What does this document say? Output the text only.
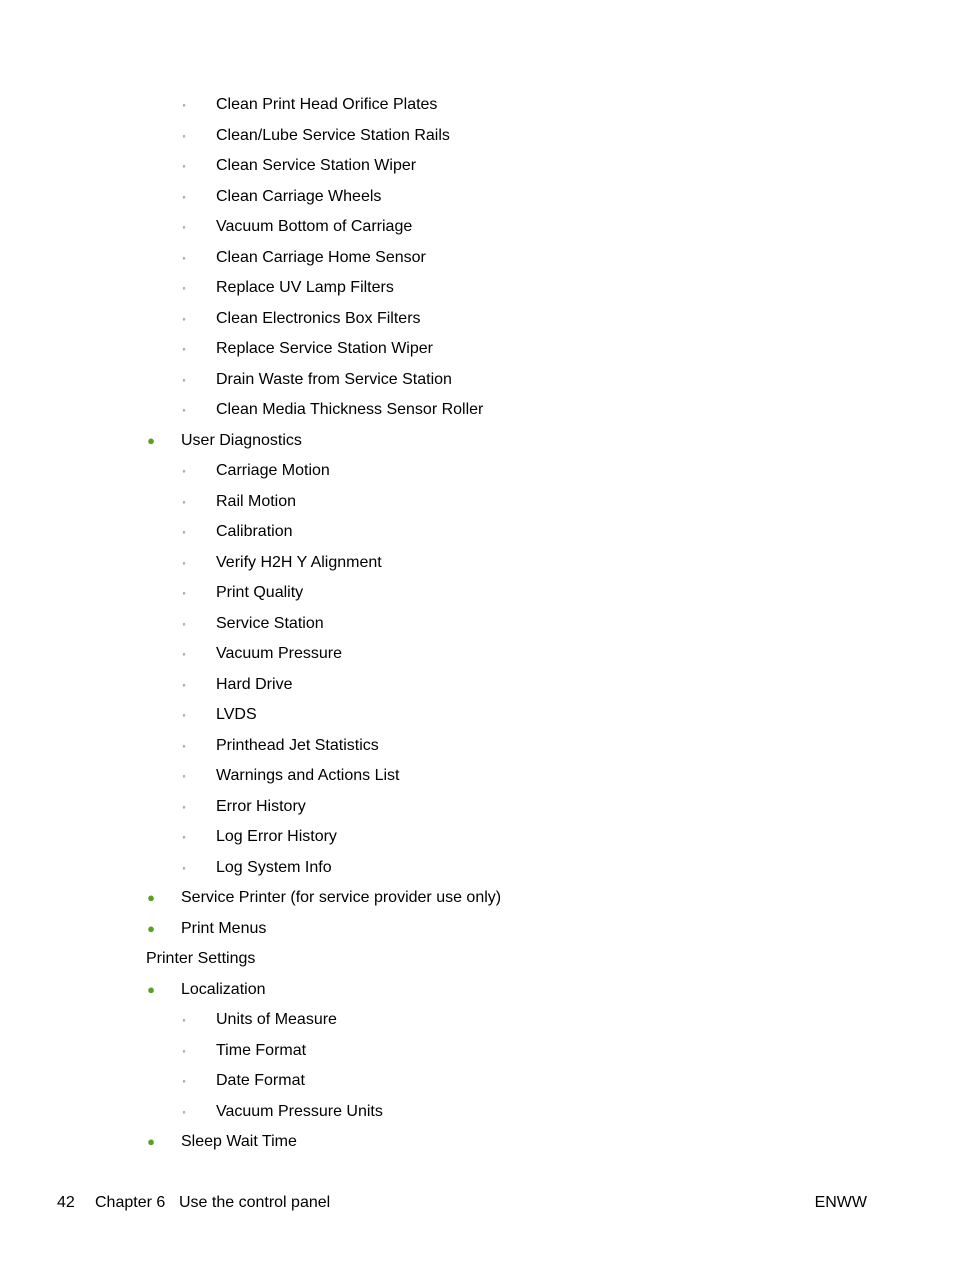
◦	Clean Print Head Orifice Plates
◦	Clean/Lube Service Station Rails
◦	Clean Service Station Wiper
◦	Clean Carriage Wheels
◦	Vacuum Bottom of Carriage
◦	Clean Carriage Home Sensor
◦	Replace UV Lamp Filters
◦	Clean Electronics Box Filters
◦	Replace Service Station Wiper
◦	Drain Waste from Service Station
◦	Clean Media Thickness Sensor Roller
●	User Diagnostics
◦	Carriage Motion
◦	Rail Motion
◦	Calibration
◦	Verify H2H Y Alignment
◦	Print Quality
◦	Service Station
◦	Vacuum Pressure
◦	Hard Drive
◦	LVDS
◦	Printhead Jet Statistics
◦	Warnings and Actions List
◦	Error History
◦	Log Error History
◦	Log System Info
●	Service Printer (for service provider use only)
●	Print Menus
Printer Settings
●	Localization
◦	Units of Measure
◦	Time Format
◦	Date Format
◦	Vacuum Pressure Units
●	Sleep Wait Time
42 Chapter 6 Use the control panel	ENWW
